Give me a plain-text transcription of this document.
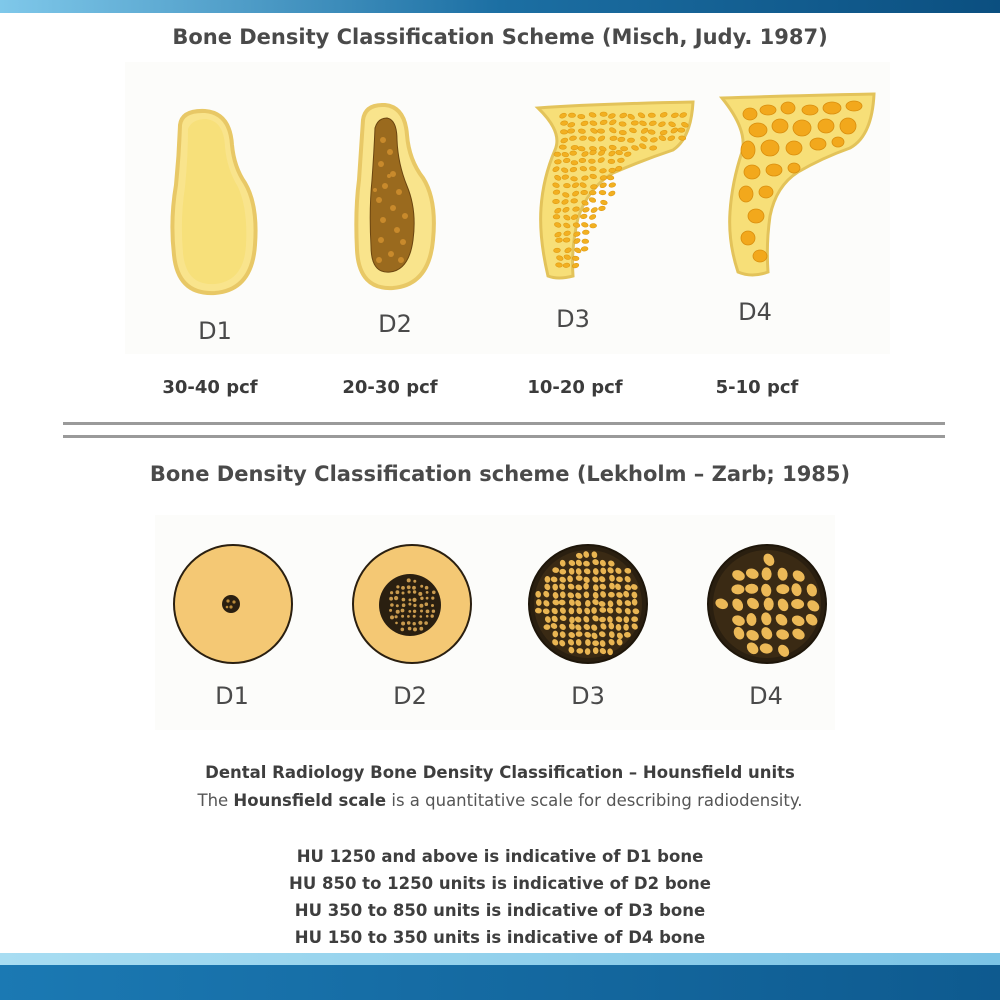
Bone Density Classification Scheme (Misch, Judy. 1987)
D1	D2	D3	D4
30-40 pcf	20-30 pcf	10-20 pcf	5-10 pcf
Bone Density Classification scheme (Lekholm – Zarb; 1985)
D1	D2	D3	D4
Dental Radiology Bone Density Classification – Hounsfield units
The Hounsfield scale is a quantitative scale for describing radiodensity.
HU 1250 and above is indicative of D1 bone
HU 850 to 1250 units is indicative of D2 bone
HU 350 to 850 units is indicative of D3 bone
HU 150 to 350 units is indicative of D4 bone
